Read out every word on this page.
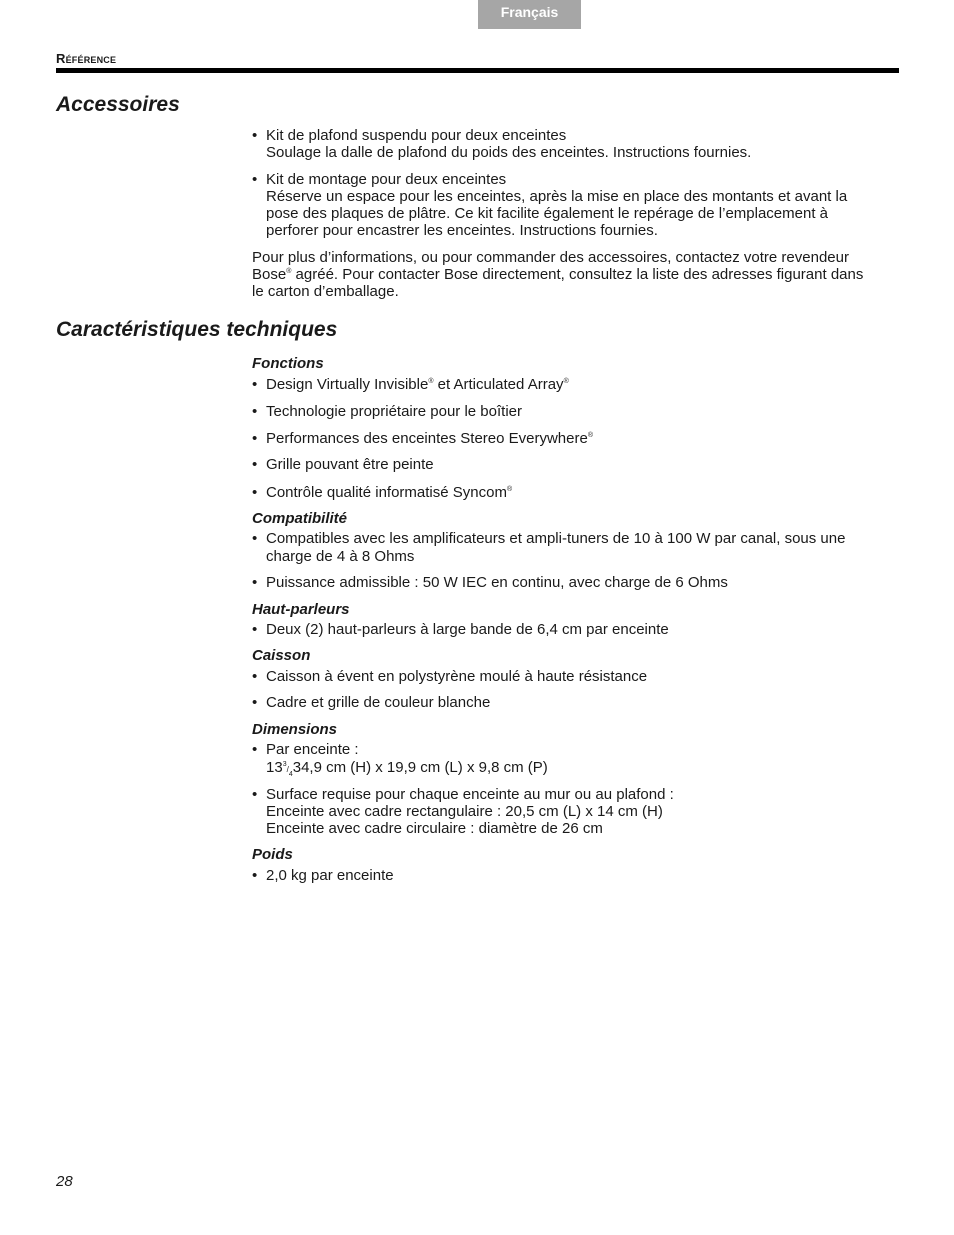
Français
Référence
Accessoires
• Kit de plafond suspendu pour deux enceintes
Soulage la dalle de plafond du poids des enceintes. Instructions fournies.
• Kit de montage pour deux enceintes
Réserve un espace pour les enceintes, après la mise en place des montants et avant la
pose des plaques de plâtre. Ce kit facilite également le repérage de l’emplacement à
perforer pour encastrer les enceintes. Instructions fournies.
Pour plus d’informations, ou pour commander des accessoires, contactez votre revendeur
Bose® agréé. Pour contacter Bose directement, consultez la liste des adresses figurant dans
le carton d’emballage.
Caractéristiques techniques
Fonctions
• Design Virtually Invisible® et Articulated Array®
• Technologie propriétaire pour le boîtier
• Performances des enceintes Stereo Everywhere®
• Grille pouvant être peinte
• Contrôle qualité informatisé Syncom®
Compatibilité
• Compatibles avec les amplificateurs et ampli-tuners de 10 à 100 W par canal, sous une
charge de 4 à 8 Ohms
• Puissance admissible : 50 W IEC en continu, avec charge de 6 Ohms
Haut-parleurs
• Deux (2) haut-parleurs à large bande de 6,4 cm par enceinte
Caisson
• Caisson à évent en polystyrène moulé à haute résistance
• Cadre et grille de couleur blanche
Dimensions
• Par enceinte :
$13^3/_434,9$ cm (H) x 19,9 cm (L) x 9,8 cm (P)
• Surface requise pour chaque enceinte au mur ou au plafond :
Enceinte avec cadre rectangulaire : 20,5 cm (L) x 14 cm (H)
Enceinte avec cadre circulaire : diamètre de 26 cm
Poids
• 2,0 kg par enceinte
28
